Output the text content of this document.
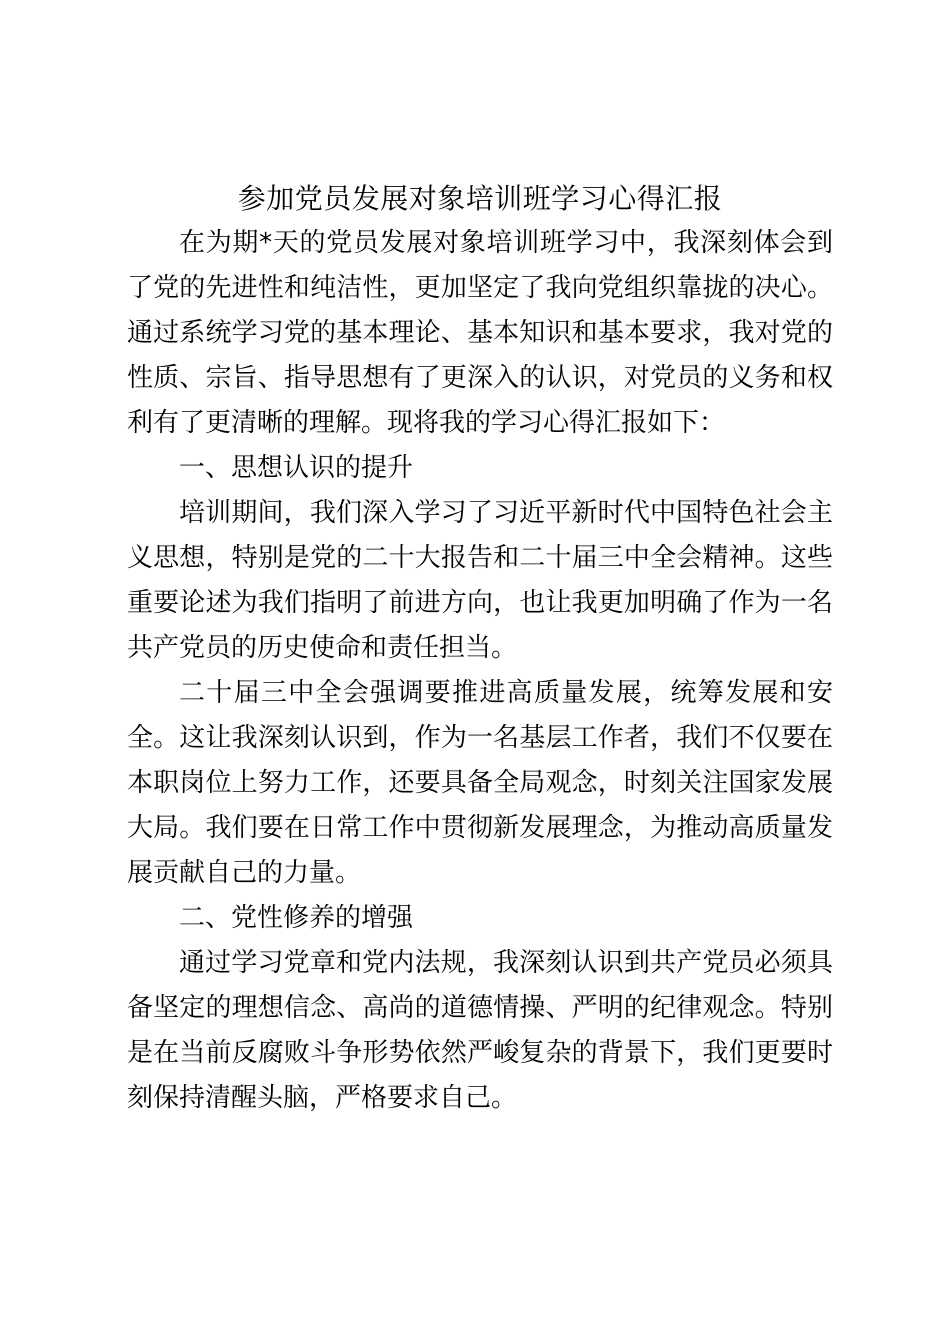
参加党员发展对象培训班学习心得汇报

在为期*天的党员发展对象培训班学习中，我深刻体会到了党的先进性和纯洁性，更加坚定了我向党组织靠拢的决心。通过系统学习党的基本理论、基本知识和基本要求，我对党的性质、宗旨、指导思想有了更深入的认识，对党员的义务和权利有了更清晰的理解。现将我的学习心得汇报如下：

一、思想认识的提升

培训期间，我们深入学习了习近平新时代中国特色社会主义思想，特别是党的二十大报告和二十届三中全会精神。这些重要论述为我们指明了前进方向，也让我更加明确了作为一名共产党员的历史使命和责任担当。

二十届三中全会强调要推进高质量发展，统筹发展和安全。这让我深刻认识到，作为一名基层工作者，我们不仅要在本职岗位上努力工作，还要具备全局观念，时刻关注国家发展大局。我们要在日常工作中贯彻新发展理念，为推动高质量发展贡献自己的力量。

二、党性修养的增强

通过学习党章和党内法规，我深刻认识到共产党员必须具备坚定的理想信念、高尚的道德情操、严明的纪律观念。特别是在当前反腐败斗争形势依然严峻复杂的背景下，我们更要时刻保持清醒头脑，严格要求自己。
